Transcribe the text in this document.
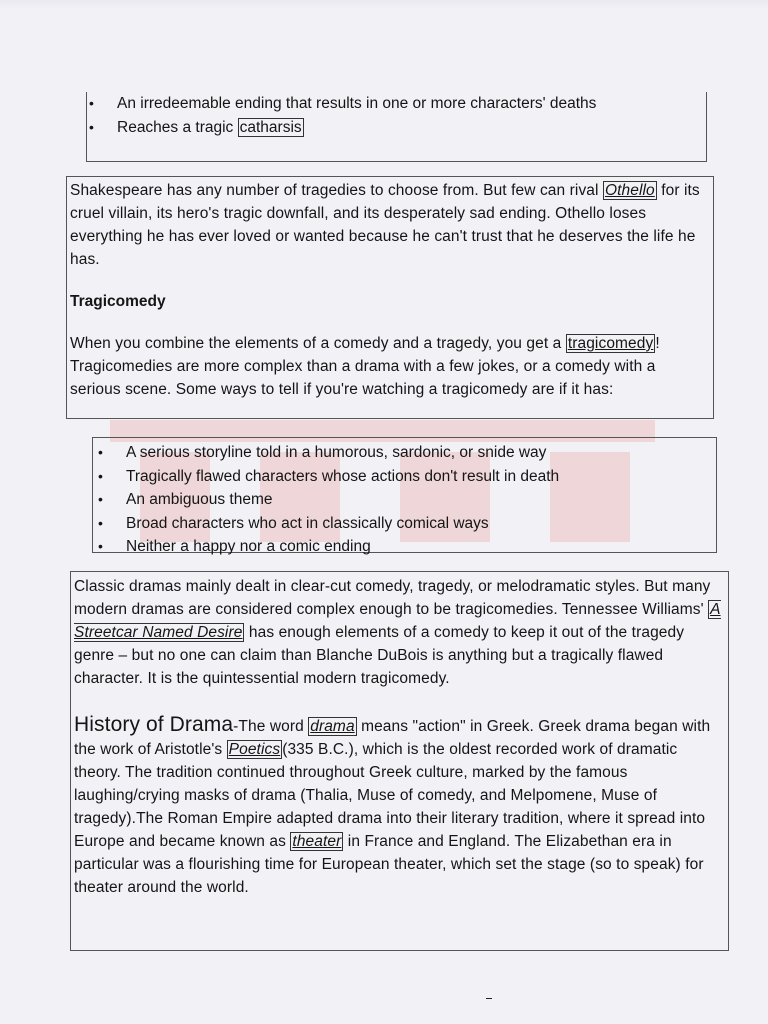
• An irredeemable ending that results in one or more characters' deaths
• Reaches a tragic catharsis

Shakespeare has any number of tragedies to choose from. But few can rival Othello for its cruel villain, its hero's tragic downfall, and its desperately sad ending. Othello loses everything he has ever loved or wanted because he can't trust that he deserves the life he has.

Tragicomedy

When you combine the elements of a comedy and a tragedy, you get a tragicomedy ! Tragicomedies are more complex than a drama with a few jokes, or a comedy with a serious scene. Some ways to tell if you're watching a tragicomedy are if it has:

• A serious storyline told in a humorous, sardonic, or snide way
• Tragically flawed characters whose actions don't result in death
• An ambiguous theme
• Broad characters who act in classically comical ways
• Neither a happy nor a comic ending

Classic dramas mainly dealt in clear-cut comedy, tragedy, or melodramatic styles. But many modern dramas are considered complex enough to be tragicomedies. Tennessee Williams' A Streetcar Named Desire has enough elements of a comedy to keep it out of the tragedy genre – but no one can claim than Blanche DuBois is anything but a tragically flawed character. It is the quintessential modern tragicomedy.

History of Drama-The word drama means "action" in Greek. Greek drama began with the work of Aristotle's Poetics (335 B.C.), which is the oldest recorded work of dramatic theory. The tradition continued throughout Greek culture, marked by the famous laughing/crying masks of drama (Thalia, Muse of comedy, and Melpomene, Muse of tragedy).The Roman Empire adapted drama into their literary tradition, where it spread into Europe and became known as theater in France and England. The Elizabethan era in particular was a flourishing time for European theater, which set the stage (so to speak) for theater around the world.
